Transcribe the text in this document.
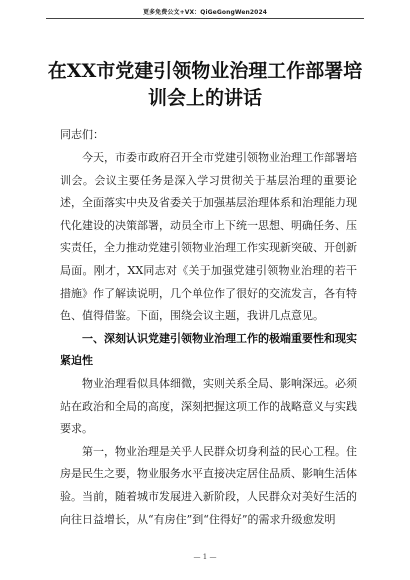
更多免费公文+VX：QiGeGongWen2024
在XX市党建引领物业治理工作部署培训会上的讲话
同志们：

今天，市委市政府召开全市党建引领物业治理工作部署培训会。会议主要任务是深入学习贯彻关于基层治理的重要论述，全面落实中央及省委关于加强基层治理体系和治理能力现代化建设的决策部署，动员全市上下统一思想、明确任务、压实责任，全力推动党建引领物业治理工作实现新突破、开创新局面。刚才，XX同志对《关于加强党建引领物业治理的若干措施》作了解读说明，几个单位作了很好的交流发言，各有特色、值得借鉴。下面，围绕会议主题，我讲几点意见。

一、深刻认识党建引领物业治理工作的极端重要性和现实紧迫性

物业治理看似具体细微，实则关系全局、影响深远。必须站在政治和全局的高度，深刻把握这项工作的战略意义与实践要求。

第一，物业治理是关乎人民群众切身利益的民心工程。住房是民生之要，物业服务水平直接决定居住品质、影响生活体验。当前，随着城市发展进入新阶段，人民群众对美好生活的向往日益增长，从“有房住”到“住得好”的需求升级愈发明

— 1 —
